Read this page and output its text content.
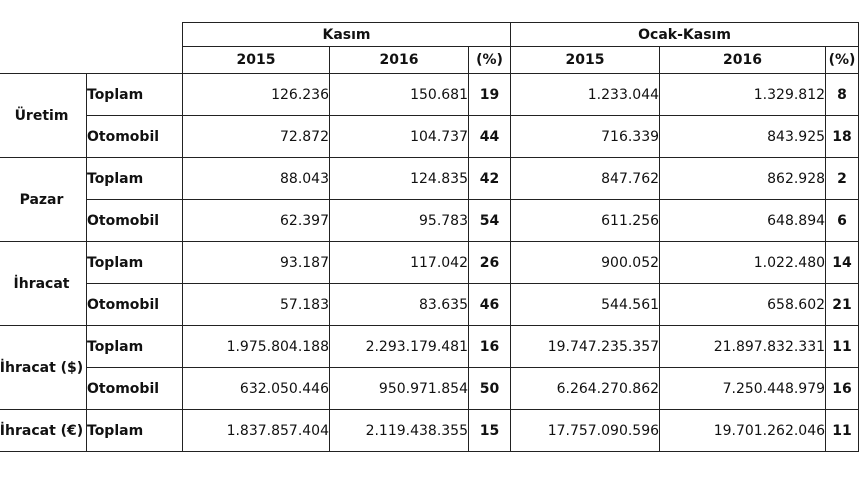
		Kasım			Ocak-Kasım		
		2015	2016	(%)	2015	2016	(%)
Üretim	Toplam	126.236	150.681	19	1.233.044	1.329.812	8
	Otomobil	72.872	104.737	44	716.339	843.925	18
Pazar	Toplam	88.043	124.835	42	847.762	862.928	2
	Otomobil	62.397	95.783	54	611.256	648.894	6
İhracat	Toplam	93.187	117.042	26	900.052	1.022.480	14
	Otomobil	57.183	83.635	46	544.561	658.602	21
İhracat ($)	Toplam	1.975.804.188	2.293.179.481	16	19.747.235.357	21.897.832.331	11
	Otomobil	632.050.446	950.971.854	50	6.264.270.862	7.250.448.979	16
İhracat (€)	Toplam	1.837.857.404	2.119.438.355	15	17.757.090.596	19.701.262.046	11
